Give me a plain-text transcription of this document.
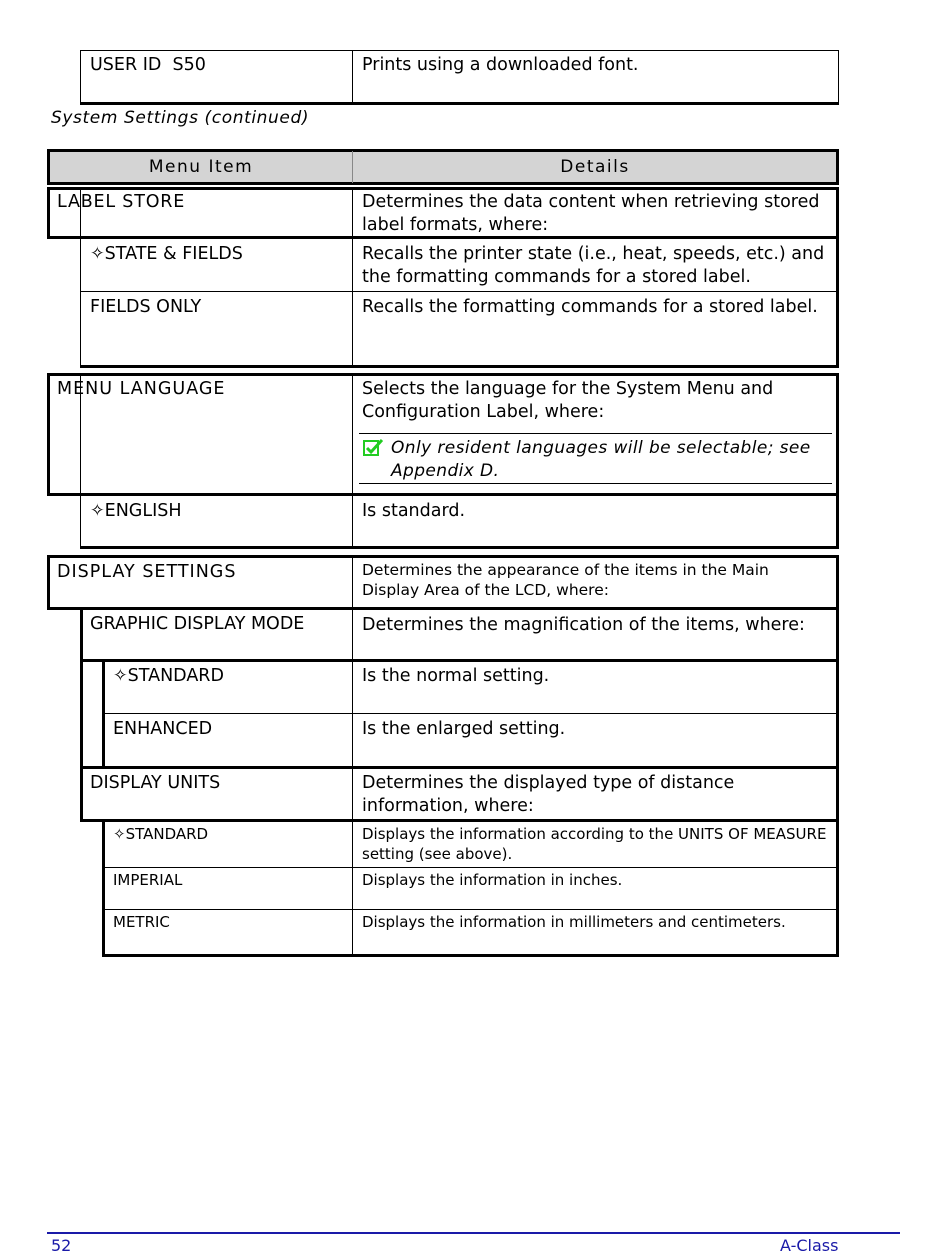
USER ID  S50	Prints using a downloaded font.
System Settings (continued)
Menu Item	Details
LABEL STORE	Determines the data content when retrieving stored label formats, where:
✧STATE & FIELDS	Recalls the printer state (i.e., heat, speeds, etc.) and the formatting commands for a stored label.
FIELDS ONLY	Recalls the formatting commands for a stored label.
MENU LANGUAGE	Selects the language for the System Menu and Configuration Label, where:
Only resident languages will be selectable; see Appendix D.
✧ENGLISH	Is standard.
DISPLAY SETTINGS	Determines the appearance of the items in the Main Display Area of the LCD, where:
GRAPHIC DISPLAY MODE	Determines the magnification of the items, where:
✧STANDARD	Is the normal setting.
ENHANCED	Is the enlarged setting.
DISPLAY UNITS	Determines the displayed type of distance information, where:
✧STANDARD	Displays the information according to the UNITS OF MEASURE setting (see above).
IMPERIAL	Displays the information in inches.
METRIC	Displays the information in millimeters and centimeters.
52	A-Class
